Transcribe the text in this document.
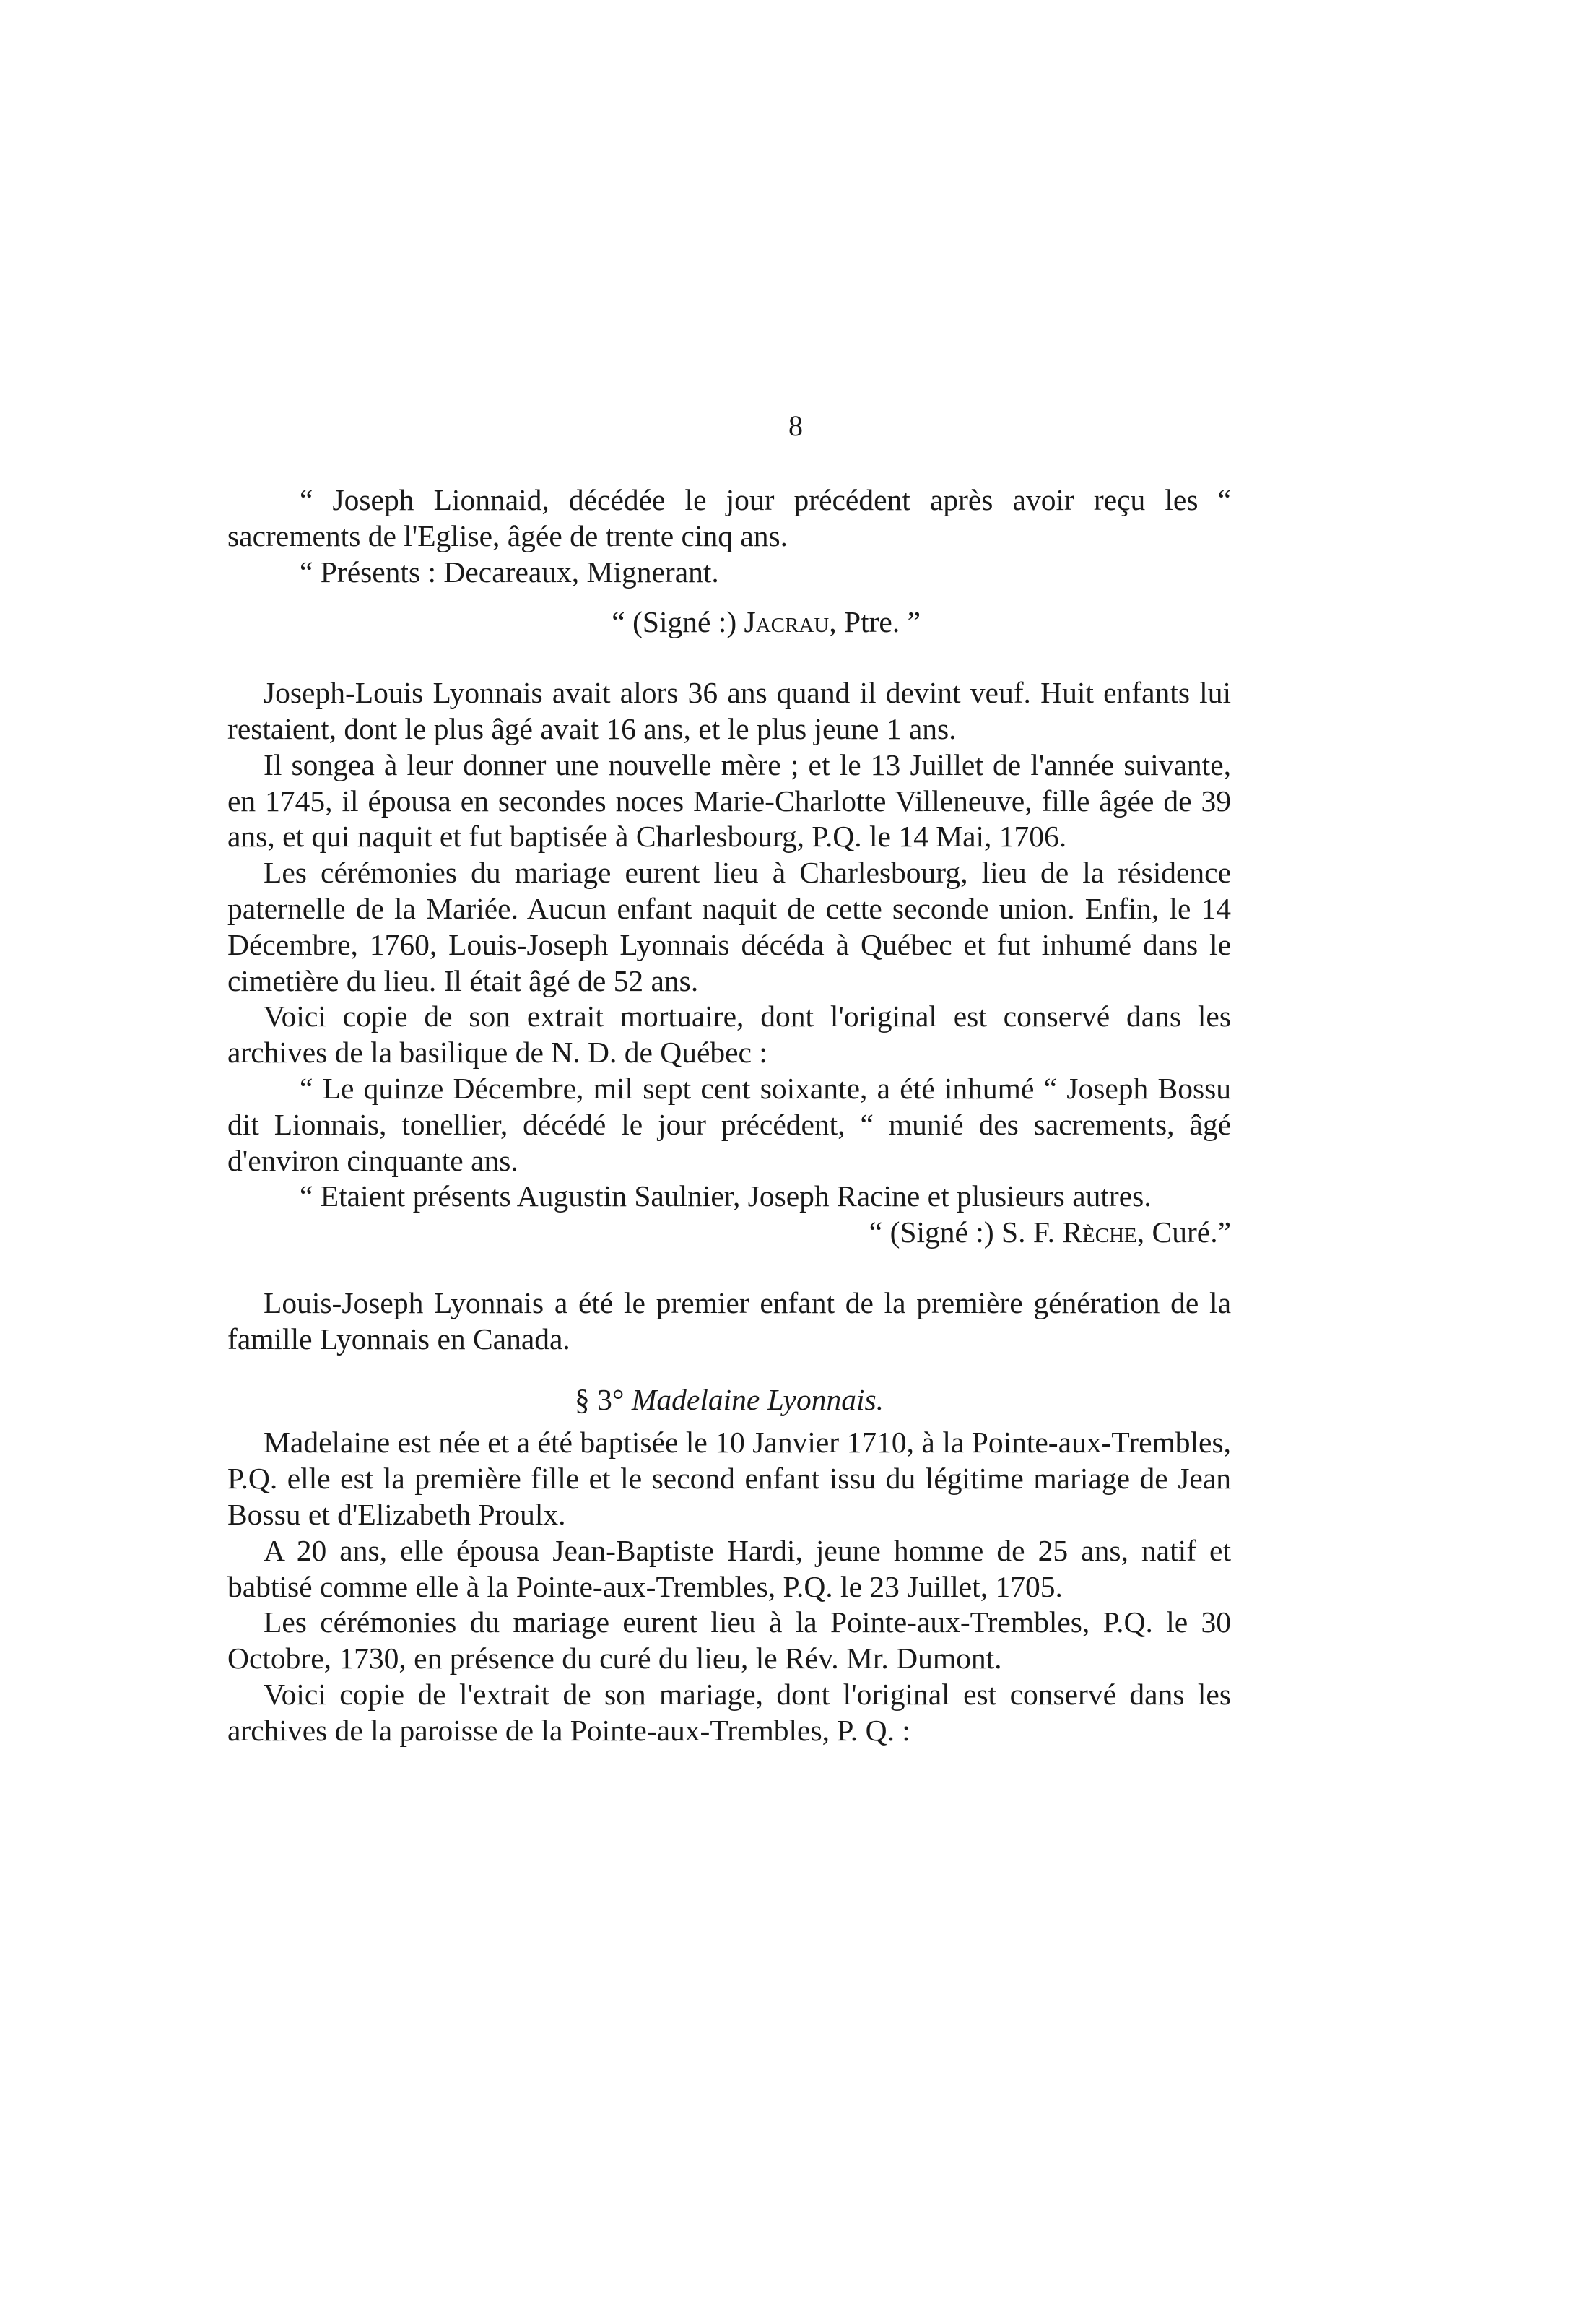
8

“ Joseph Lionnaid, décédée le jour précédent après avoir reçu les “ sacrements de l'Eglise, âgée de trente cinq ans.

“ Présents : Decareaux, Mignerant.

“ (Signé :) Jacrau, Ptre. ”

Joseph-Louis Lyonnais avait alors 36 ans quand il devint veuf. Huit enfants lui restaient, dont le plus âgé avait 16 ans, et le plus jeune 1 ans.

Il songea à leur donner une nouvelle mère ; et le 13 Juillet de l'année suivante, en 1745, il épousa en secondes noces Marie-Charlotte Villeneuve, fille âgée de 39 ans, et qui naquit et fut baptisée à Charlesbourg, P.Q. le 14 Mai, 1706.

Les cérémonies du mariage eurent lieu à Charlesbourg, lieu de la résidence paternelle de la Mariée. Aucun enfant naquit de cette seconde union. Enfin, le 14 Décembre, 1760, Louis-Joseph Lyonnais décéda à Québec et fut inhumé dans le cimetière du lieu. Il était âgé de 52 ans.

Voici copie de son extrait mortuaire, dont l'original est conservé dans les archives de la basilique de N. D. de Québec :

“ Le quinze Décembre, mil sept cent soixante, a été inhumé “ Joseph Bossu dit Lionnais, tonellier, décédé le jour précédent, “ munié des sacrements, âgé d'environ cinquante ans.

“ Etaient présents Augustin Saulnier, Joseph Racine et plusieurs autres.

“ (Signé :) S. F. Rèche, Curé.”

Louis-Joseph Lyonnais a été le premier enfant de la première génération de la famille Lyonnais en Canada.

§ 3° Madelaine Lyonnais.

Madelaine est née et a été baptisée le 10 Janvier 1710, à la Pointe-aux-Trembles, P.Q. elle est la première fille et le second enfant issu du légitime mariage de Jean Bossu et d'Elizabeth Proulx.

A 20 ans, elle épousa Jean-Baptiste Hardi, jeune homme de 25 ans, natif et babtisé comme elle à la Pointe-aux-Trembles, P.Q. le 23 Juillet, 1705.

Les cérémonies du mariage eurent lieu à la Pointe-aux-Trembles, P.Q. le 30 Octobre, 1730, en présence du curé du lieu, le Rév. Mr. Dumont.

Voici copie de l'extrait de son mariage, dont l'original est conservé dans les archives de la paroisse de la Pointe-aux-Trembles, P. Q. :
